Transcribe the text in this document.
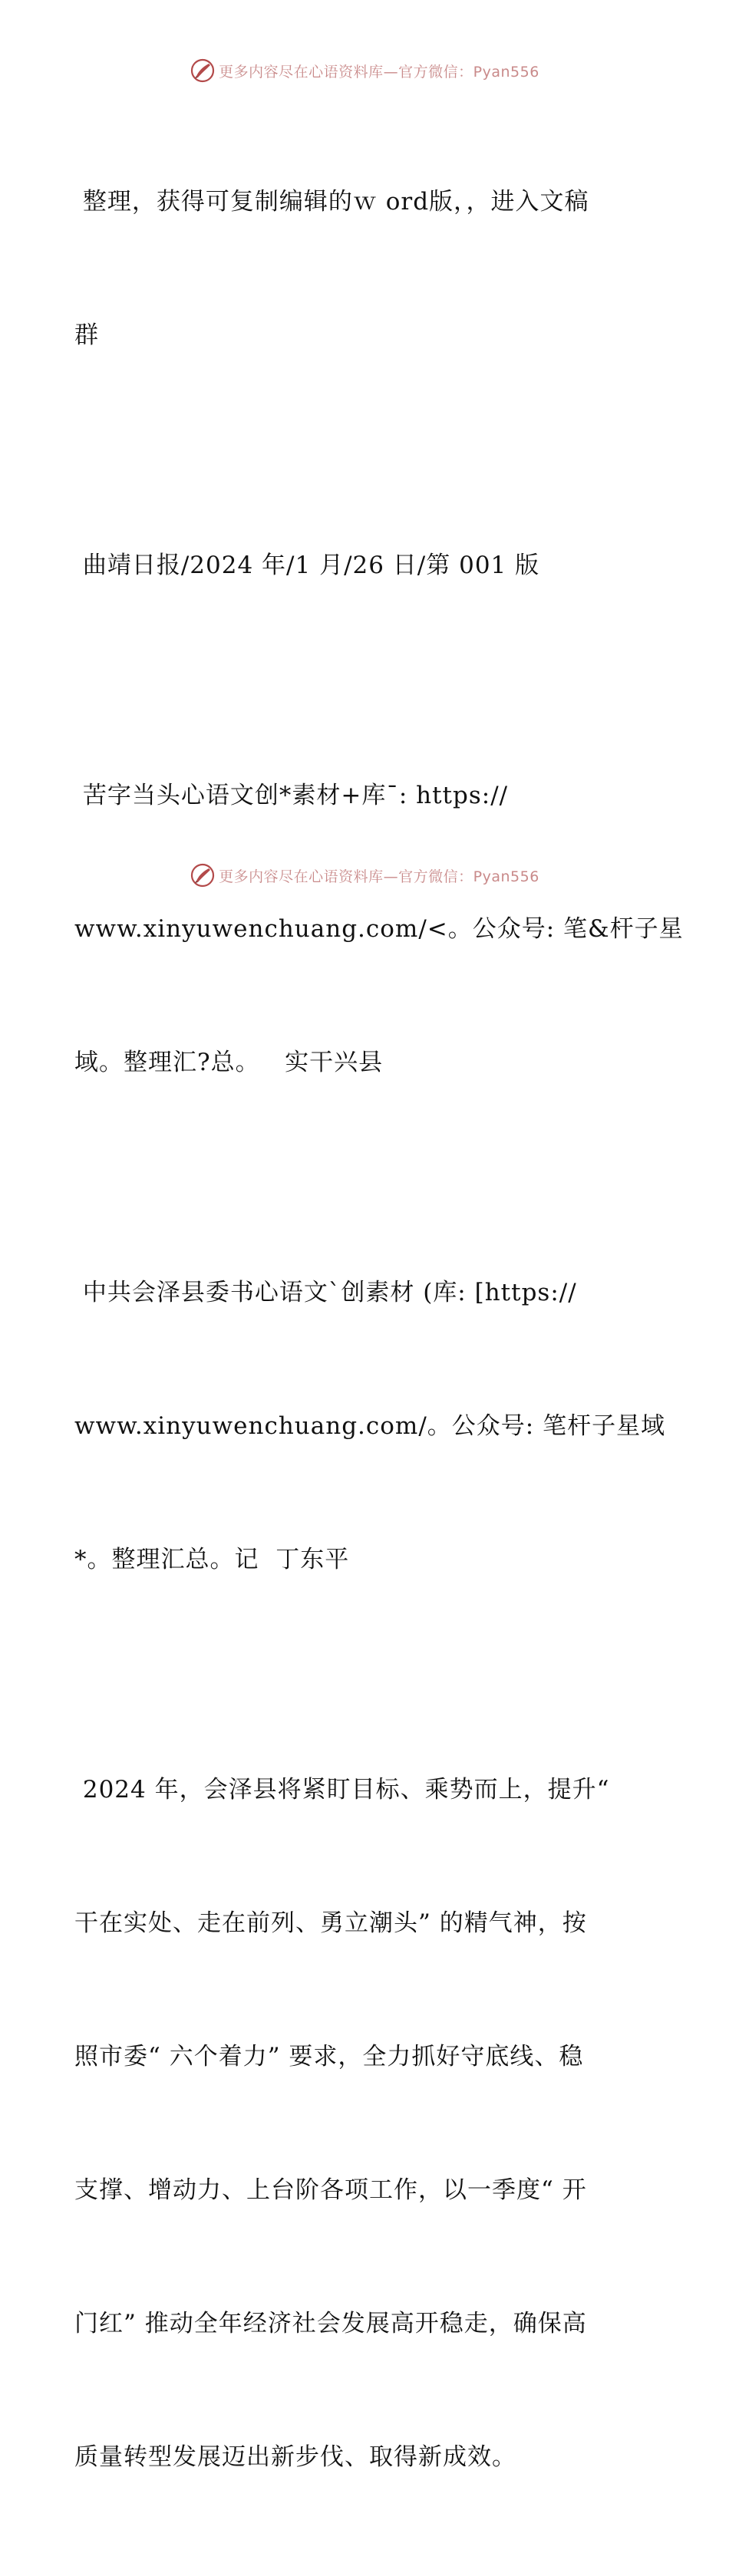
更多内容尽在心语资料库—官方微信：Pyan556

整理，获得可复制编辑的ｗ ord版，，进入文稿

群

曲靖日报/2024 年/1 月/26 日/第 001 版

苦字当头心语文创*素材+库¯: https://

www.xinyuwenchuang.com/<。公众号: 笔&杆子星

域。整理汇?总。   实干兴县

中共会泽县委书心语文ˋ创素材 (库: [https://

www.xinyuwenchuang.com/。公众号: 笔杆子星域

*。整理汇总。记  丁东平

2024 年，会泽县将紧盯目标、乘势而上，提升“

干在实处、走在前列、勇立潮头” 的精气神，按

照市委“ 六个着力” 要求，全力抓好守底线、稳

支撑、增动力、上台阶各项工作，以一季度“ 开

门红” 推动全年经济社会发展高开稳走，确保高

质量转型发展迈出新步伐、取得新成效。

更多内容尽在心语资料库—官方微信：Pyan556
